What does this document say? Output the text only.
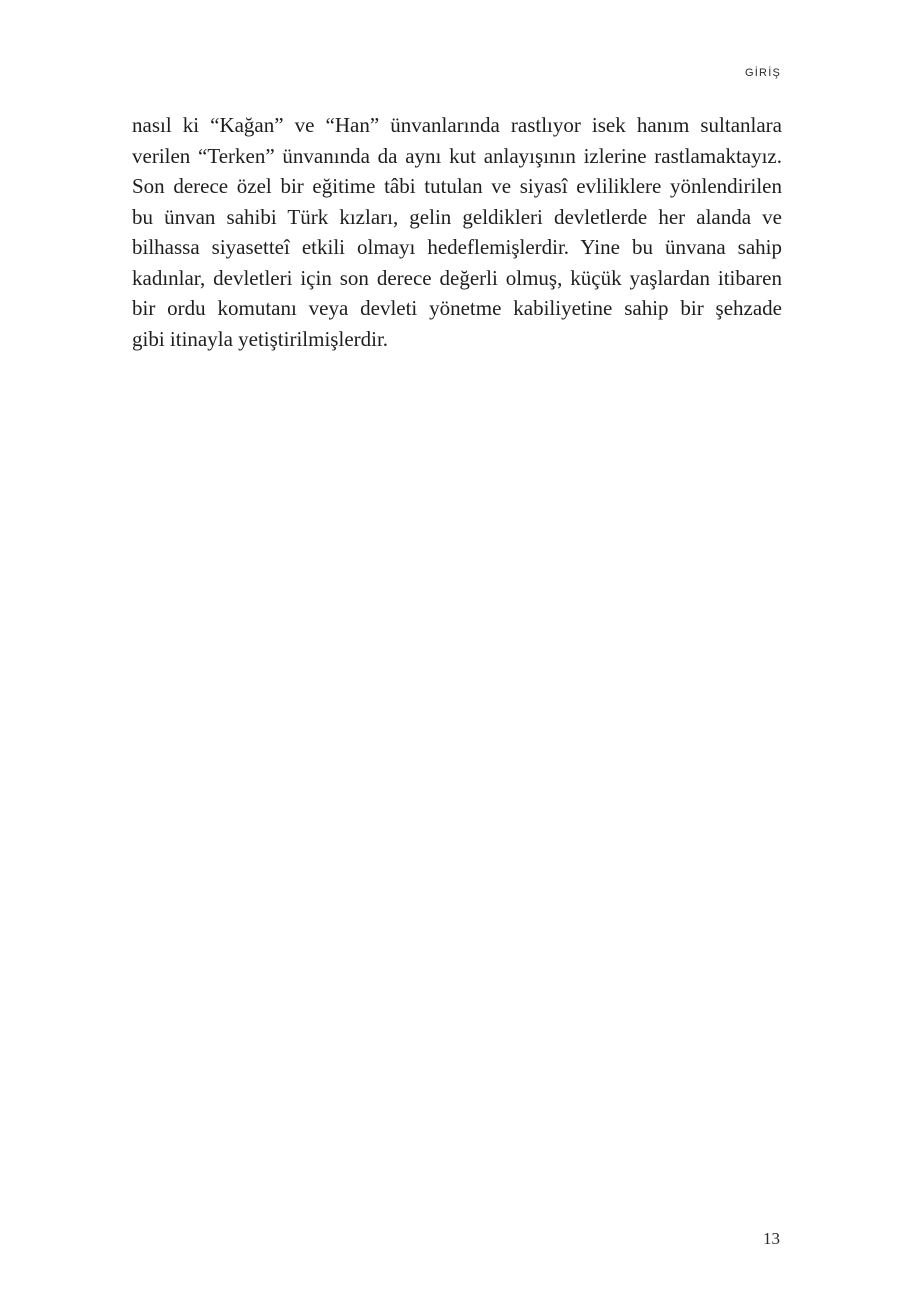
GİRİŞ
nasıl ki “Kağan” ve “Han” ünvanlarında rastlıyor isek hanım sultanlara
verilen “Terken” ünvanında da aynı kut anlayışının izlerine rastlamaktayız.
Son derece özel bir eğitime tâbi tutulan ve siyasî evliliklere yönlendirilen
bu ünvan sahibi Türk kızları, gelin geldikleri devletlerde her alanda ve
bilhassa siyasetteî etkili olmayı hedeflemişlerdir. Yine bu ünvana sahip
kadınlar, devletleri için son derece değerli olmuş, küçük yaşlardan itibaren
bir ordu komutanı veya devleti yönetme kabiliyetine sahip bir şehzade
gibi itinayla yetiştirilmişlerdir.
13
